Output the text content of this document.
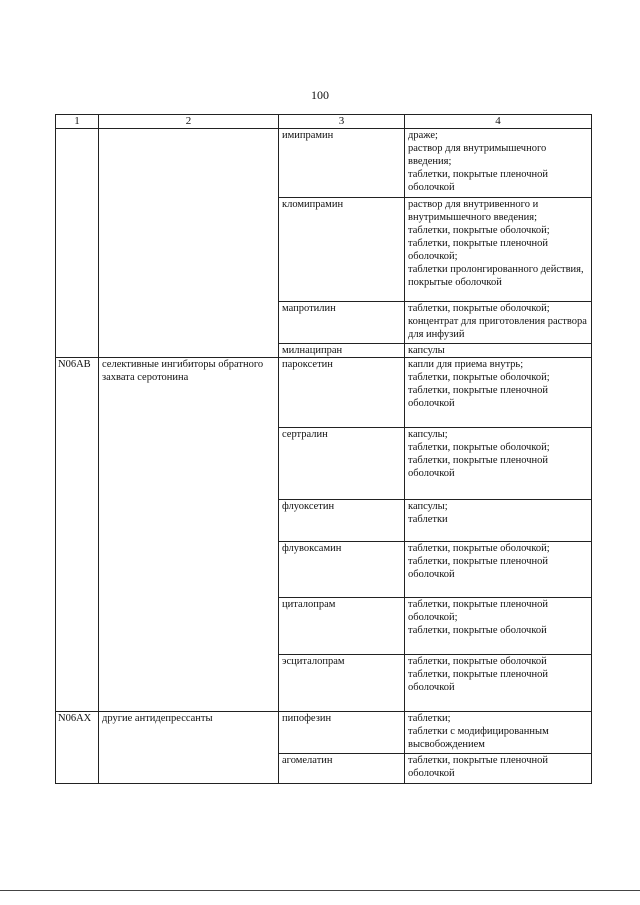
100
1	2	3	4
		имипрамин	драже;
раствор для внутримышечного введения;
таблетки, покрытые пленочной оболочкой

		кломипрамин	раствор для внутривенного и внутримышечного введения;
таблетки, покрытые оболочкой;
таблетки, покрытые пленочной оболочкой;
таблетки пролонгированного действия, покрытые оболочкой

		мапротилин	таблетки, покрытые оболочкой;
концентрат для приготовления раствора для инфузий

		милнаципран	капсулы

N06AB	селективные ингибиторы обратного захвата серотонина	пароксетин	капли для приема внутрь;
таблетки, покрытые оболочкой;
таблетки, покрытые пленочной оболочкой

		сертралин	капсулы;
таблетки, покрытые оболочкой;
таблетки, покрытые пленочной оболочкой

		флуоксетин	капсулы;
таблетки

		флувоксамин	таблетки, покрытые оболочкой;
таблетки, покрытые пленочной оболочкой

		циталопрам	таблетки, покрытые пленочной оболочкой;
таблетки, покрытые оболочкой

		эсциталопрам	таблетки, покрытые оболочкой
таблетки, покрытые пленочной оболочкой

N06AX	другие антидепрессанты	пипофезин	таблетки;
таблетки с модифицированным высвобождением

		агомелатин	таблетки, покрытые пленочной оболочкой
